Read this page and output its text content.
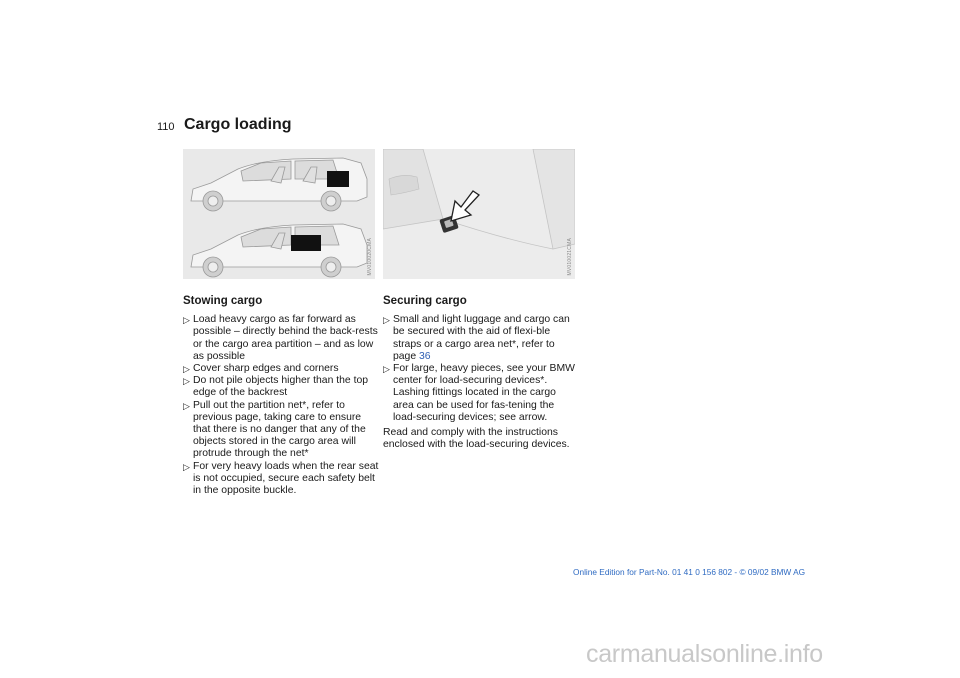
110 Cargo loading
MV010020CMA	MV010021CMA
Stowing cargo
▷ Load heavy cargo as far forward as possible – directly behind the back-rests or the cargo area partition – and as low as possible
▷ Cover sharp edges and corners
▷ Do not pile objects higher than the top edge of the backrest
▷ Pull out the partition net*, refer to previous page, taking care to ensure that there is no danger that any of the objects stored in the cargo area will protrude through the net*
▷ For very heavy loads when the rear seat is not occupied, secure each safety belt in the opposite buckle.
Securing cargo
▷ Small and light luggage and cargo can be secured with the aid of flexi-ble straps or a cargo area net*, refer to page 36
▷ For large, heavy pieces, see your BMW center for load-securing devices*. Lashing fittings located in the cargo area can be used for fas-tening the load-securing devices; see arrow.

Read and comply with the instructions enclosed with the load-securing devices.

Online Edition for Part-No. 01 41 0 156 802 - © 09/02 BMW AG
carmanualsonline.info
